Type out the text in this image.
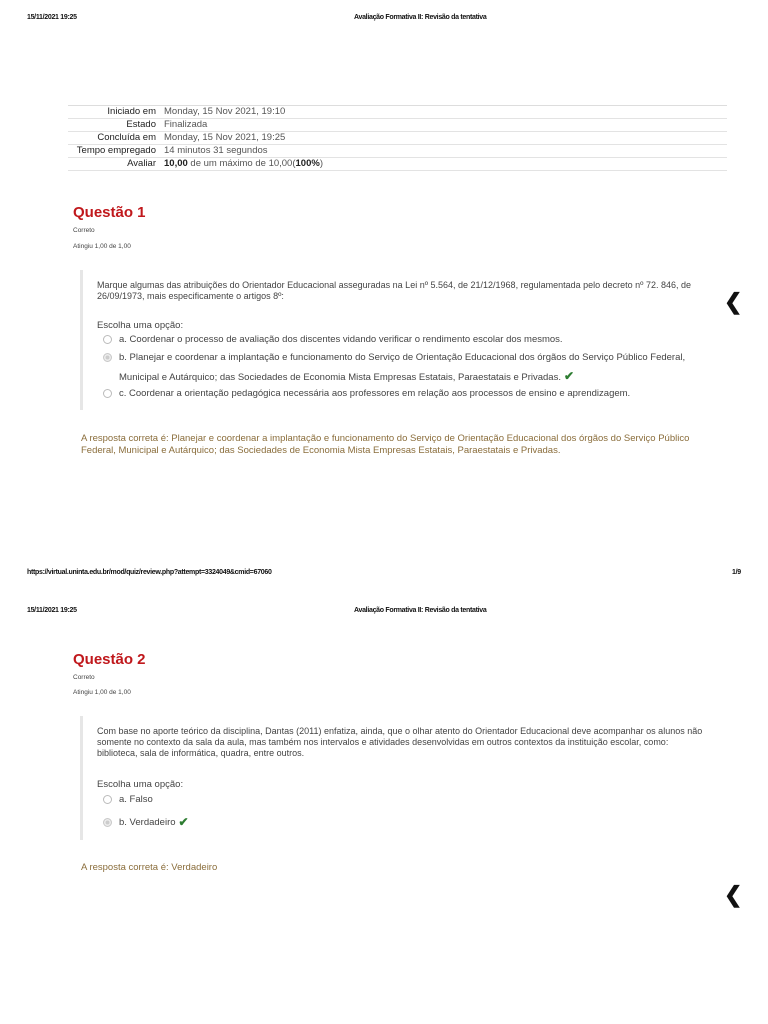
15/11/2021 19:25	Avaliação Formativa II: Revisão da tentativa
Iniciado em Monday, 15 Nov 2021, 19:10
Estado Finalizada
Concluída em Monday, 15 Nov 2021, 19:25
Tempo empregado 14 minutos 31 segundos
Avaliar 10,00 de um máximo de 10,00(100%)
Questão 1
Correto
Atingiu 1,00 de 1,00
Marque algumas das atribuições do Orientador Educacional asseguradas na Lei nº 5.564, de 21/12/1968, regulamentada pelo decreto nº 72. 846, de 26/09/1973, mais especificamente o artigos 8º:
Escolha uma opção:
a. Coordenar o processo de avaliação dos discentes vidando verificar o rendimento escolar dos mesmos.
b. Planejar e coordenar a implantação e funcionamento do Serviço de Orientação Educacional dos órgãos do Serviço Público Federal, Municipal e Autárquico; das Sociedades de Economia Mista Empresas Estatais, Paraestatais e Privadas. ✔
c. Coordenar a orientação pedagógica necessária aos professores em relação aos processos de ensino e aprendizagem.
❮
A resposta correta é: Planejar e coordenar a implantação e funcionamento do Serviço de Orientação Educacional dos órgãos do Serviço Público Federal, Municipal e Autárquico; das Sociedades de Economia Mista Empresas Estatais, Paraestatais e Privadas.
https://virtual.uninta.edu.br/mod/quiz/review.php?attempt=3324049&cmid=67060	1/9
15/11/2021 19:25	Avaliação Formativa II: Revisão da tentativa
Questão 2
Correto
Atingiu 1,00 de 1,00
Com base no aporte teórico da disciplina, Dantas (2011) enfatiza, ainda, que o olhar atento do Orientador Educacional deve acompanhar os alunos não somente no contexto da sala da aula, mas também nos intervalos e atividades desenvolvidas em outros contextos da instituição escolar, como: biblioteca, sala de informática, quadra, entre outros.
Escolha uma opção:
a. Falso
b. Verdadeiro ✔
A resposta correta é: Verdadeiro
❮
